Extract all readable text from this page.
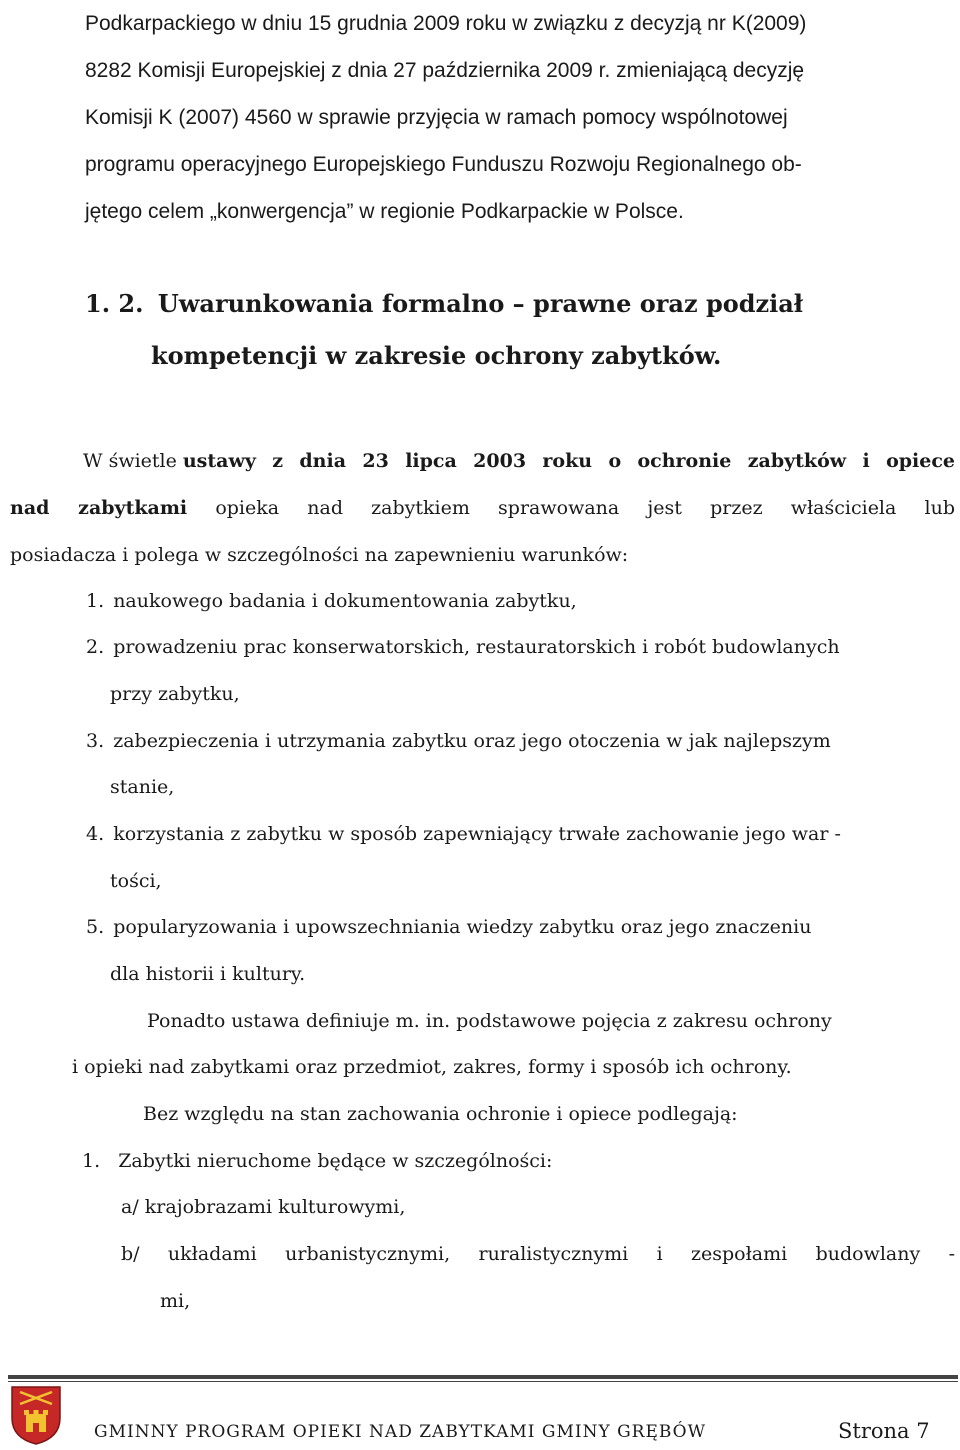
Podkarpackiego w dniu 15 grudnia 2009 roku w związku z decyzją nr K(2009)
8282 Komisji Europejskiej z dnia 27 października 2009 r. zmieniającą decyzję
Komisji K (2007) 4560 w sprawie przyjęcia w ramach pomocy wspólnotowej
programu operacyjnego Europejskiego Funduszu Rozwoju Regionalnego ob-
jętego celem „konwergencja” w regionie Podkarpackie w Polsce.
1. 2. Uwarunkowania formalno – prawne oraz podział
kompetencji w zakresie ochrony zabytków.
W świetle ustawy z dnia 23 lipca 2003 roku o ochronie zabytków i opiece
nad zabytkami opieka nad zabytkiem sprawowana jest przez właściciela lub
posiadacza i polega w szczególności na zapewnieniu warunków:
1. naukowego badania i dokumentowania zabytku,
2. prowadzeniu prac konserwatorskich, restauratorskich i robót budowlanych
przy zabytku,
3. zabezpieczenia i utrzymania zabytku oraz jego otoczenia w jak najlepszym
stanie,
4. korzystania z zabytku w sposób zapewniający trwałe zachowanie jego war -
tości,
5. popularyzowania i upowszechniania wiedzy zabytku oraz jego znaczeniu
dla historii i kultury.
Ponadto ustawa definiuje m. in. podstawowe pojęcia z zakresu ochrony
i opieki nad zabytkami oraz przedmiot, zakres, formy i sposób ich ochrony.
Bez względu na stan zachowania ochronie i opiece podlegają:
1. Zabytki nieruchome będące w szczególności:
a/ krajobrazami kulturowymi,
b/ układami urbanistycznymi, ruralistycznymi i zespołami budowlany -
mi,
GMINNY PROGRAM OPIEKI NAD ZABYTKAMI GMINY GRĘBÓW	Strona 7
